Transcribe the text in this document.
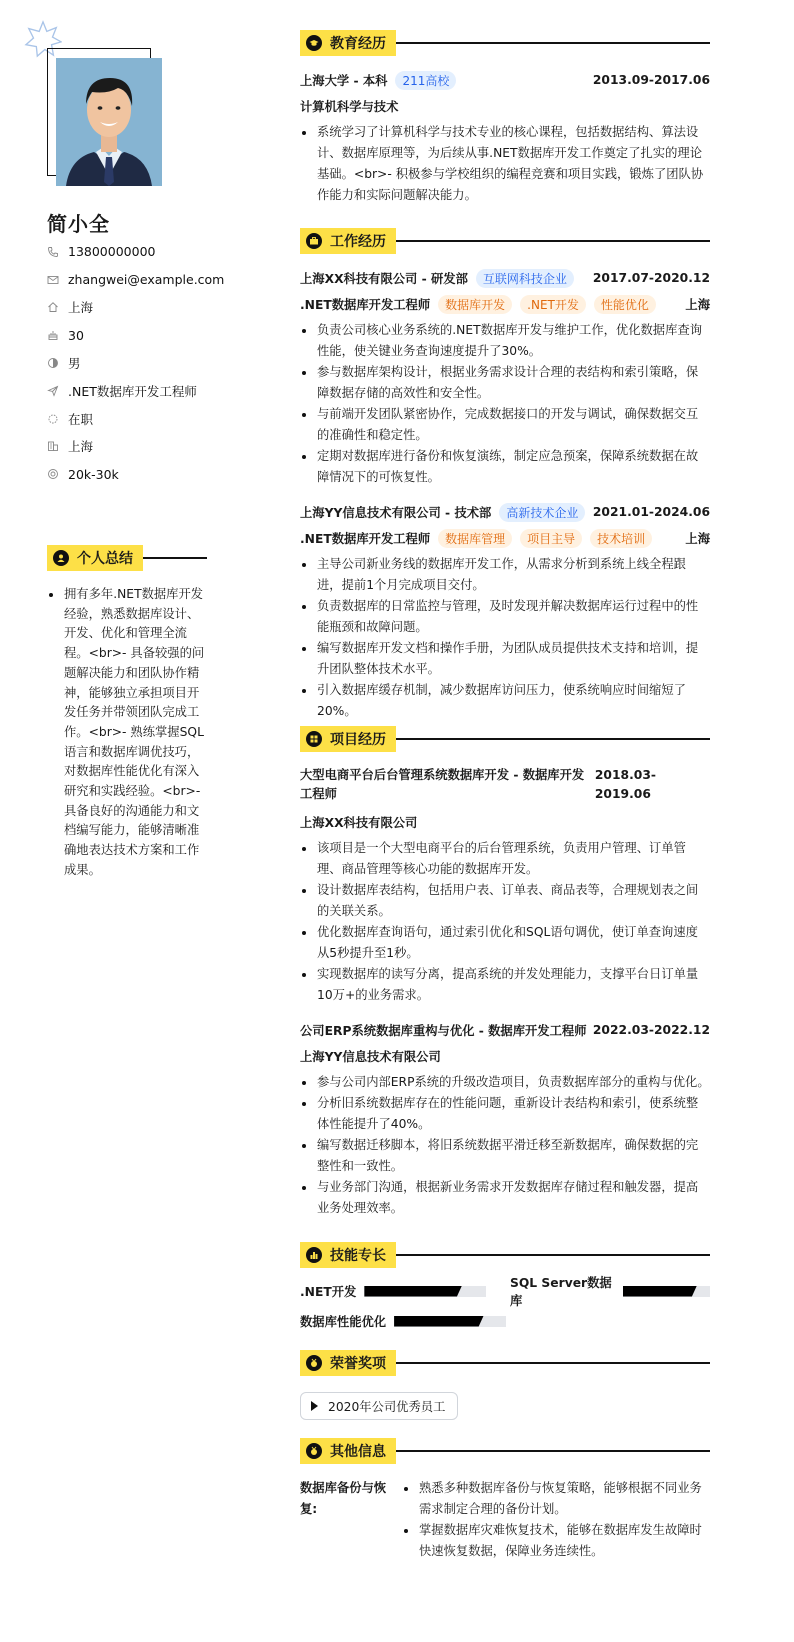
简小全
13800000000
zhangwei@example.com
上海
30
男
.NET数据库开发工程师
在职
上海
20k-30k
个人总结
拥有多年.NET数据库开发经验，熟悉数据库设计、开发、优化和管理全流程。<br>- 具备较强的问题解决能力和团队协作精神，能够独立承担项目开发任务并带领团队完成工作。<br>- 熟练掌握SQL语言和数据库调优技巧，对数据库性能优化有深入研究和实践经验。<br>- 具备良好的沟通能力和文档编写能力，能够清晰准确地表达技术方案和工作成果。
教育经历
上海大学 - 本科	211高校	2013.09-2017.06
计算机科学与技术
系统学习了计算机科学与技术专业的核心课程，包括数据结构、算法设计、数据库原理等，为后续从事.NET数据库开发工作奠定了扎实的理论基础。<br>- 积极参与学校组织的编程竞赛和项目实践，锻炼了团队协作能力和实际问题解决能力。
工作经历
上海XX科技有限公司 - 研发部	互联网科技企业	2017.07-2020.12
.NET数据库开发工程师	数据库开发	.NET开发	性能优化	上海
负责公司核心业务系统的.NET数据库开发与维护工作，优化数据库查询性能，使关键业务查询速度提升了30%。
参与数据库架构设计，根据业务需求设计合理的表结构和索引策略，保障数据存储的高效性和安全性。
与前端开发团队紧密协作，完成数据接口的开发与调试，确保数据交互的准确性和稳定性。
定期对数据库进行备份和恢复演练，制定应急预案，保障系统数据在故障情况下的可恢复性。
上海YY信息技术有限公司 - 技术部	高新技术企业	2021.01-2024.06
.NET数据库开发工程师	数据库管理	项目主导	技术培训	上海
主导公司新业务线的数据库开发工作，从需求分析到系统上线全程跟进，提前1个月完成项目交付。
负责数据库的日常监控与管理，及时发现并解决数据库运行过程中的性能瓶颈和故障问题。
编写数据库开发文档和操作手册，为团队成员提供技术支持和培训，提升团队整体技术水平。
引入数据库缓存机制，减少数据库访问压力，使系统响应时间缩短了20%。
项目经历
大型电商平台后台管理系统数据库开发 - 数据库开发工程师
2018.03-2019.06
上海XX科技有限公司
该项目是一个大型电商平台的后台管理系统，负责用户管理、订单管理、商品管理等核心功能的数据库开发。
设计数据库表结构，包括用户表、订单表、商品表等，合理规划表之间的关联关系。
优化数据库查询语句，通过索引优化和SQL语句调优，使订单查询速度从5秒提升至1秒。
实现数据库的读写分离，提高系统的并发处理能力，支撑平台日订单量10万+的业务需求。
公司ERP系统数据库重构与优化 - 数据库开发工程师 2022.03-2022.12
上海YY信息技术有限公司
参与公司内部ERP系统的升级改造项目，负责数据库部分的重构与优化。
分析旧系统数据库存在的性能问题，重新设计表结构和索引，使系统整体性能提升了40%。
编写数据迁移脚本，将旧系统数据平滑迁移至新数据库，确保数据的完整性和一致性。
与业务部门沟通，根据新业务需求开发数据库存储过程和触发器，提高业务处理效率。
技能专长
.NET开发
SQL Server数据库
数据库性能优化
荣誉奖项
2020年公司优秀员工
其他信息
数据库备份与恢复:
熟悉多种数据库备份与恢复策略，能够根据不同业务需求制定合理的备份计划。
掌握数据库灾难恢复技术，能够在数据库发生故障时快速恢复数据，保障业务连续性。
